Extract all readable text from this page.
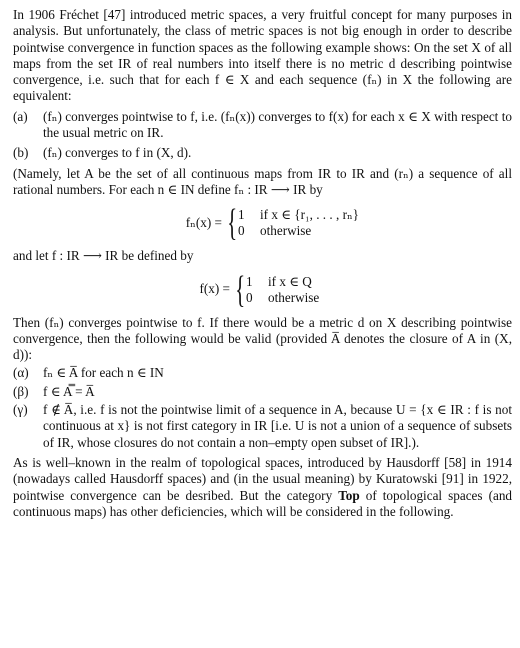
In 1906 Fréchet [47] introduced metric spaces, a very fruitful concept for many purposes in analysis. But unfortunately, the class of metric spaces is not big enough in order to describe pointwise convergence in function spaces as the following example shows: On the set X of all maps from the set IR of real numbers into itself there is no metric d describing pointwise convergence, i.e. such that for each f ∈ X and each sequence (fₙ) in X the following are equivalent:

(a)	(fₙ) converges pointwise to f, i.e. (fₙ(x)) converges to f(x) for each x ∈ X with respect to the usual metric on IR.
(b)	(fₙ) converges to f in (X, d).

(Namely, let A be the set of all continuous maps from IR to IR and (rₙ) a sequence of all rational numbers. For each n ∈ IN define fₙ : IR ⟶ IR by

fₙ(x) = { 1	if x ∈ {r₁, . . . , rₙ}
0	otherwise

and let f : IR ⟶ IR be defined by

f(x) = { 1	if x ∈ Q
0	otherwise

Then (fₙ) converges pointwise to f. If there would be a metric d on X describing pointwise convergence, then the following would be valid (provided A̅ denotes the closure of A in (X, d)):

(α)	fₙ ∈ A̅ for each n ∈ IN
(β)	f ∈ A̿ = A̅
(γ)	f ∉ A̅, i.e. f is not the pointwise limit of a sequence in A, because U = {x ∈ IR : f is not continuous at x} is not first category in IR [i.e. U is not a union of a sequence of subsets of IR, whose closures do not contain a non–empty open subset of IR].).

As is well–known in the realm of topological spaces, introduced by Hausdorff [58] in 1914 (nowadays called Hausdorff spaces) and (in the usual meaning) by Kuratowski [91] in 1922, pointwise convergence can be desribed. But the category Top of topological spaces (and continuous maps) has other deficiencies, which will be considered in the following.
